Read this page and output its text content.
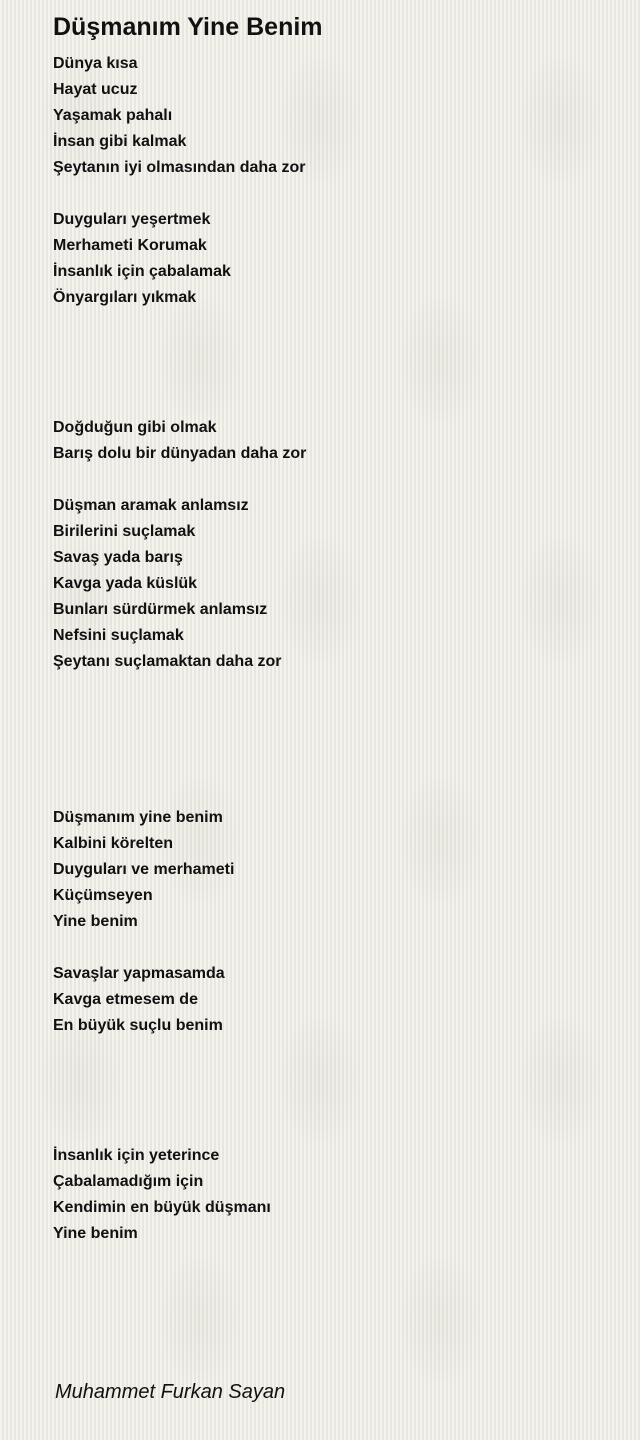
Düşmanım Yine Benim
Dünya kısa
Hayat ucuz
Yaşamak pahalı
İnsan gibi kalmak
Şeytanın iyi olmasından daha zor
Duyguları yeşertmek
Merhameti Korumak
İnsanlık için çabalamak
Önyargıları yıkmak
Doğduğun gibi olmak
Barış dolu bir dünyadan daha zor
Düşman aramak anlamsız
Birilerini suçlamak
Savaş yada barış
Kavga yada küslük
Bunları sürdürmek anlamsız
Nefsini suçlamak
Şeytanı suçlamaktan daha zor
Düşmanım yine benim
Kalbini körelten
Duyguları ve merhameti
Küçümseyen
Yine benim
Savaşlar yapmasamda
Kavga etmesem de
En büyük suçlu benim
İnsanlık için yeterince
Çabalamadığım için
Kendimin en büyük düşmanı
Yine benim
Muhammet Furkan Sayan
